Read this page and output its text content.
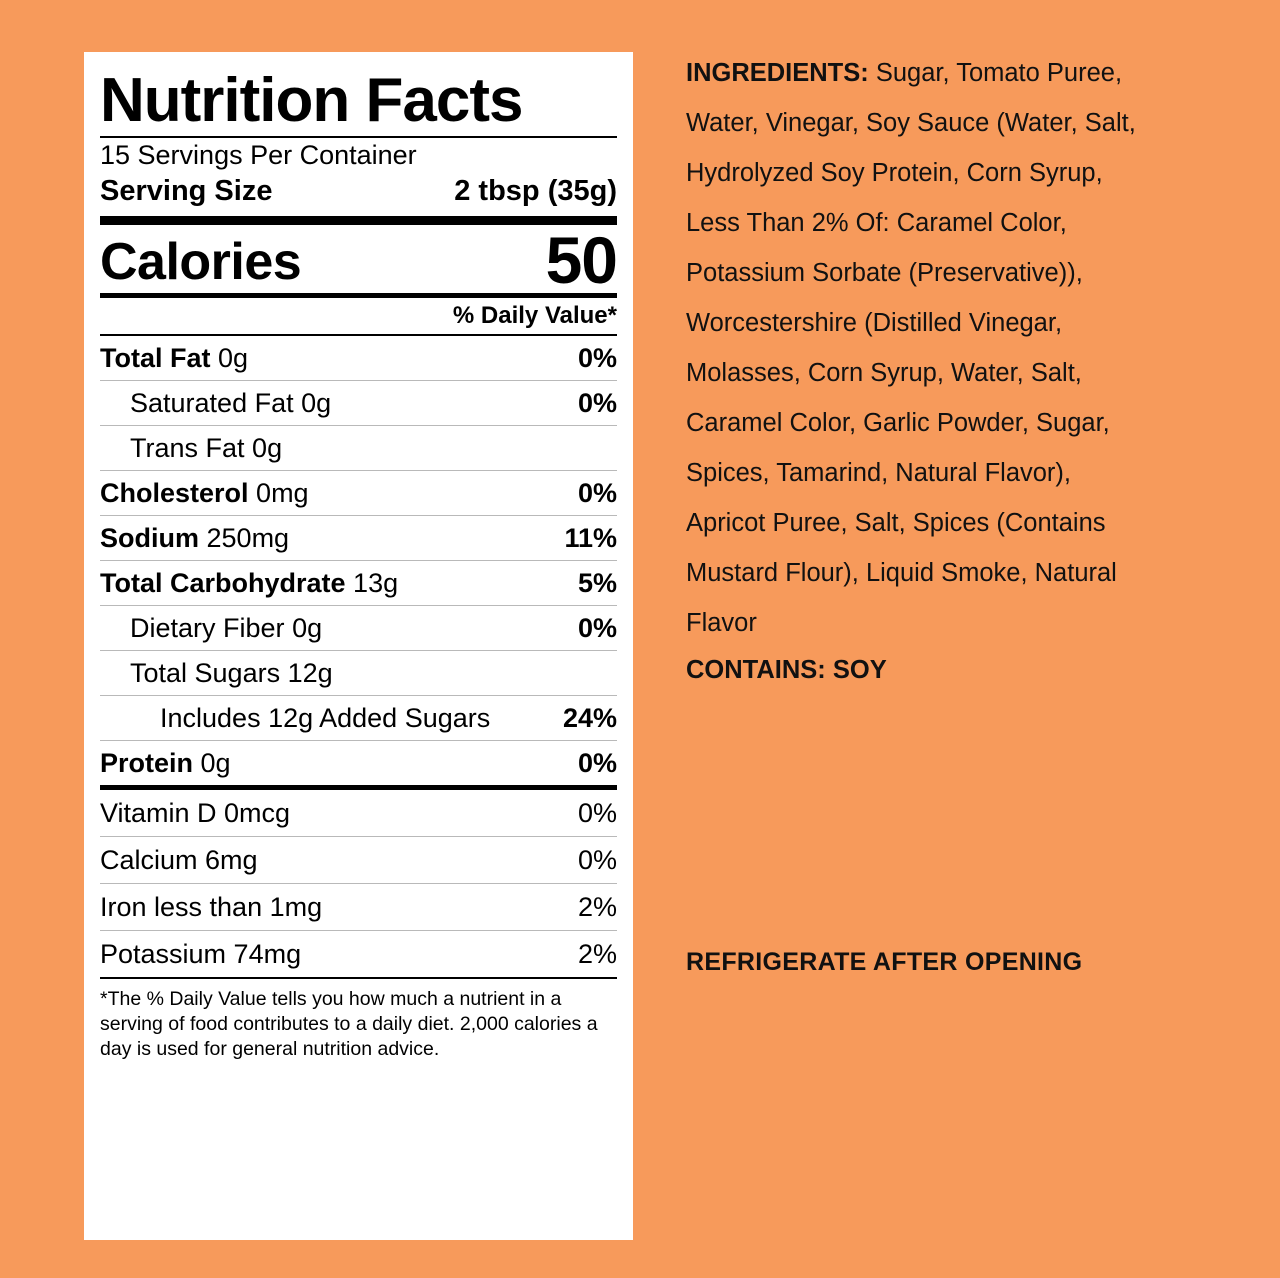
Nutrition Facts
15 Servings Per Container
Serving Size	2 tbsp (35g)
Calories	50
% Daily Value*
Total Fat 0g	0%
Saturated Fat 0g	0%
Trans Fat 0g
Cholesterol 0mg	0%
Sodium 250mg	11%
Total Carbohydrate 13g	5%
Dietary Fiber 0g	0%
Total Sugars 12g
Includes 12g Added Sugars	24%
Protein 0g	0%
Vitamin D 0mcg	0%
Calcium 6mg	0%
Iron less than 1mg	2%
Potassium 74mg	2%
*The % Daily Value tells you how much a nutrient in a serving of food contributes to a daily diet. 2,000 calories a day is used for general nutrition advice.
INGREDIENTS: Sugar, Tomato Puree, Water, Vinegar, Soy Sauce (Water, Salt, Hydrolyzed Soy Protein, Corn Syrup, Less Than 2% Of: Caramel Color, Potassium Sorbate (Preservative)), Worcestershire (Distilled Vinegar, Molasses, Corn Syrup, Water, Salt, Caramel Color, Garlic Powder, Sugar, Spices, Tamarind, Natural Flavor), Apricot Puree, Salt, Spices (Contains Mustard Flour), Liquid Smoke, Natural Flavor
CONTAINS: SOY
REFRIGERATE AFTER OPENING
